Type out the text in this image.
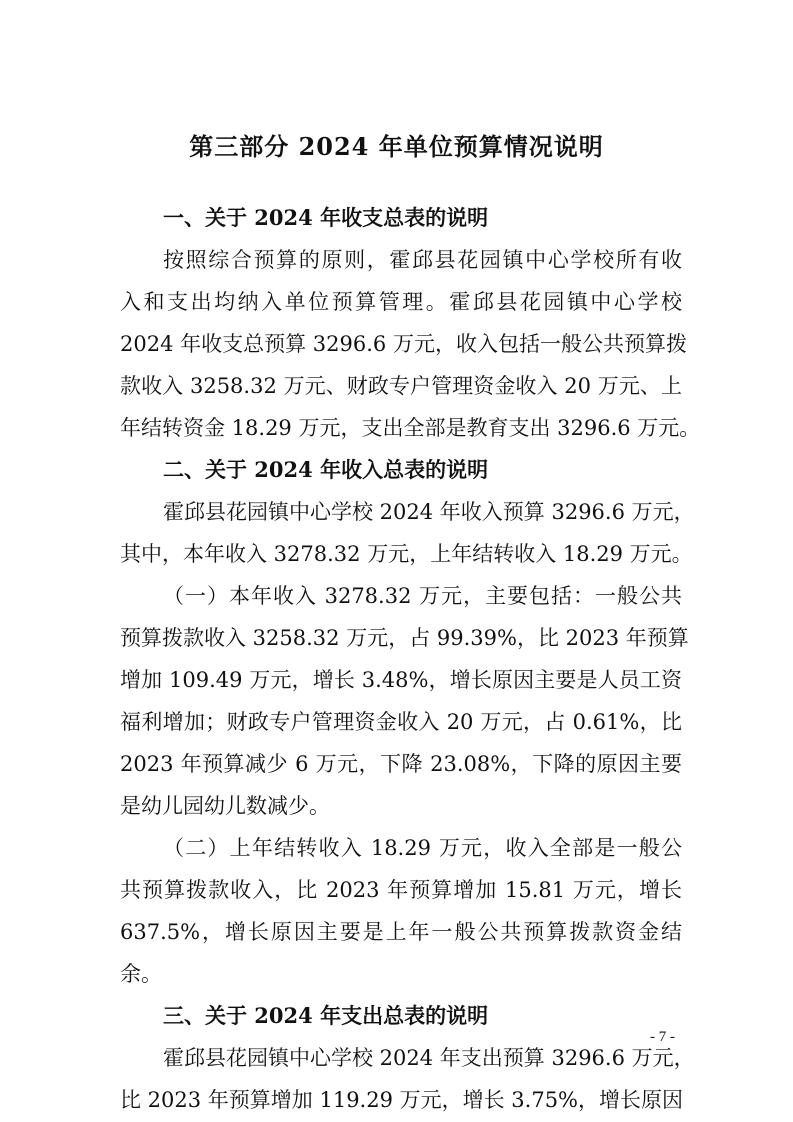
第三部分 2024 年单位预算情况说明
一、关于 2024 年收支总表的说明
按照综合预算的原则，霍邱县花园镇中心学校所有收
入和支出均纳入单位预算管理。霍邱县花园镇中心学校
2024 年收支总预算 3296.6 万元，收入包括一般公共预算拨
款收入 3258.32 万元、财政专户管理资金收入 20 万元、上
年结转资金 18.29 万元，支出全部是教育支出 3296.6 万元。
二、关于 2024 年收入总表的说明
霍邱县花园镇中心学校 2024 年收入预算 3296.6 万元，
其中，本年收入 3278.32 万元，上年结转收入 18.29 万元。
（一）本年收入 3278.32 万元，主要包括：一般公共
预算拨款收入 3258.32 万元，占 99.39%，比 2023 年预算
增加 109.49 万元，增长 3.48%，增长原因主要是人员工资
福利增加；财政专户管理资金收入 20 万元，占 0.61%，比
2023 年预算减少 6 万元，下降 23.08%，下降的原因主要
是幼儿园幼儿数减少。
（二）上年结转收入 18.29 万元，收入全部是一般公
共预算拨款收入，比 2023 年预算增加 15.81 万元，增长
637.5%，增长原因主要是上年一般公共预算拨款资金结
余。
三、关于 2024 年支出总表的说明
霍邱县花园镇中心学校 2024 年支出预算 3296.6 万元，
比 2023 年预算增加 119.29 万元，增长 3.75%，增长原因
- 7 -
